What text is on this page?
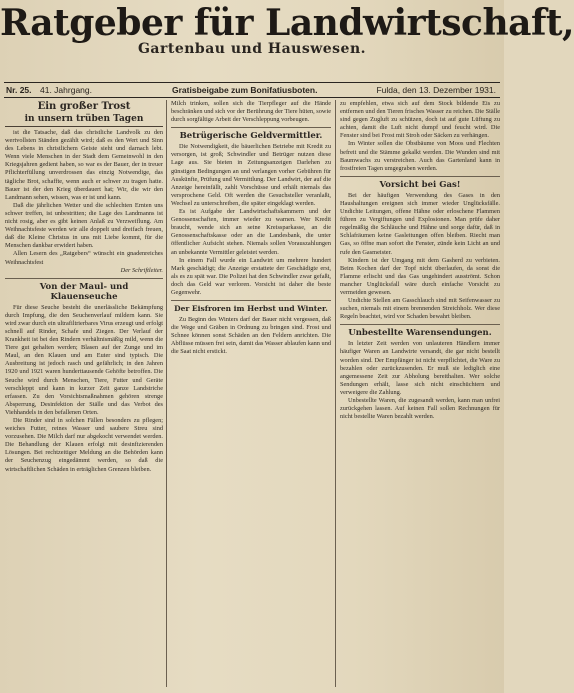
Ratgeber für Landwirtschaft,
Gartenbau und Hauswesen.
Nr. 25. 41. Jahrgang.	Gratisbeigabe zum Bonifatiusboten.	Fulda, den 13. Dezember 1931.
Ein großer Trost
in unsern trüben Tagen

ist die Tatsache, daß das christliche Landvolk zu den wertvollsten Ständen gezählt wird; daß es den Wert und Sinn des Lebens in christlichem Geiste sieht und darnach lebt. Wenn viele Menschen in der Stadt dem Gemeinwohl in den Kriegsjahren gedient haben, so war es der Bauer, der in treuer Pflichterfüllung unverdrossen das einzig Notwendige, das tägliche Brot, schaffte, wenn auch er schwer zu tragen hatte. Bauer ist der den Krieg überdauert hat; Wir, die wir den Landmann sehen, wissen, was er ist und kann.

Daß die jährlichen Wetter und die schlechten Ernten uns schwer treffen, ist unbestritten; die Lage des Landmanns ist nicht rosig, aber es gibt keinen Anlaß zu Verzweiflung. Am Weihnachtsfeste werden wir alle doppelt und dreifach freuen, daß die Kleine Christus in uns mit Liebe kommt, für die Menschen dankbar erwidert haben.

Allen Lesern des „Ratgebers“ wünscht ein gnadenreiches Weihnachtsfest

Der Schriftleiter.
Von der Maul- und Klauenseuche

Für diese Seuche besteht die unerlässliche Bekämpfung durch Impfung, die den Seuchenverlauf mildern kann. Sie wird zwar durch ein ultrafiltrierbares Virus erzeugt und erfolgt schnell auf Rinder, Schafe und Ziegen. Der Verlauf der Krankheit ist bei den Rindern verhältnismäßig mild, wenn die Tiere gut gehalten werden; Blasen auf der Zunge und im Maul, an den Klauen und am Euter sind typisch. Die Ausbreitung ist jedoch rasch und gefährlich; in den Jahren 1920 und 1921 waren hunderttausende Gehöfte betroffen. Die Seuche wird durch Menschen, Tiere, Futter und Geräte verschleppt und kann in kurzer Zeit ganze Landstriche erfassen. Zu den Vorsichtsmaßnahmen gehören strenge Absperrung, Desinfektion der Ställe und das Verbot des Viehhandels in den befallenen Orten.

Die Rinder sind in solchen Fällen besonders zu pflegen; weiches Futter, reines Wasser und saubere Streu sind vorzusehen. Die Milch darf nur abgekocht verwendet werden. Die Behandlung der Klauen erfolgt mit desinfizierenden Lösungen. Bei rechtzeitiger Meldung an die Behörden kann der Seuchenzug eingedämmt werden, so daß die wirtschaftlichen Schäden in erträglichen Grenzen bleiben.

Milch trinken, sollen sich die Tierpfleger auf die Hände beschränken und sich vor der Berührung der Tiere hüten, sowie durch sorgfältige Arbeit der Verschleppung vorbeugen.

Betrügerische Geldvermittler.

Die Notwendigkeit, die bäuerlichen Betriebe mit Kredit zu versorgen, ist groß; Schwindler und Betrüger nutzen diese Lage aus. Sie bieten in Zeitungsanzeigen Darlehen zu günstigen Bedingungen an und verlangen vorher Gebühren für Auskünfte, Prüfung und Vermittlung. Der Landwirt, der auf die Anzeige hereinfällt, zahlt Vorschüsse und erhält niemals das versprochene Geld. Oft werden die Gesuchsteller veranlaßt, Wechsel zu unterschreiben, die später eingeklagt werden.

Es ist Aufgabe der Landwirtschaftskammern und der Genossenschaften, immer wieder zu warnen. Wer Kredit braucht, wende sich an seine Kreissparkasse, an die Genossenschaftskasse oder an die Landesbank, die unter öffentlicher Aufsicht stehen. Niemals sollen Vorauszahlungen an unbekannte Vermittler geleistet werden.

In einem Fall wurde ein Landwirt um mehrere hundert Mark geschädigt; die Anzeige erstattete der Geschädigte erst, als es zu spät war. Die Polizei hat den Schwindler zwar gefaßt, doch das Geld war verloren. Vorsicht ist daher die beste Gegenwehr.

Der Eisfroren im Herbst und Winter.

Zu Beginn des Winters darf der Bauer nicht vergessen, daß die Wege und Gräben in Ordnung zu bringen sind. Frost und Schnee können sonst Schäden an den Feldern anrichten. Die Abflüsse müssen frei sein, damit das Wasser ablaufen kann und die Saat nicht erstickt.

zu empfehlen, etwa sich auf dem Stock bildende Eis zu entfernen und den Tieren frisches Wasser zu reichen. Die Ställe sind gegen Zugluft zu schützen, doch ist auf gute Lüftung zu achten, damit die Luft nicht dumpf und feucht wird. Die Fenster sind bei Frost mit Stroh oder Säcken zu verhängen.

Im Winter sollen die Obstbäume von Moos und Flechten befreit und die Stämme gekalkt werden. Die Wunden sind mit Baumwachs zu verstreichen. Auch das Gartenland kann in frostfreien Tagen umgegraben werden.

Vorsicht bei Gas!

Bei der häufigen Verwendung des Gases in den Haushaltungen ereignen sich immer wieder Unglücksfälle. Undichte Leitungen, offene Hähne oder erloschene Flammen führen zu Vergiftungen und Explosionen. Man prüfe daher regelmäßig die Schläuche und Hähne und sorge dafür, daß in Schlafräumen keine Gasleitungen offen bleiben. Riecht man Gas, so öffne man sofort die Fenster, zünde kein Licht an und rufe den Gasmeister.

Kindern ist der Umgang mit dem Gasherd zu verbieten. Beim Kochen darf der Topf nicht überlaufen, da sonst die Flamme erlischt und das Gas ungehindert ausströmt. Schon mancher Unglücksfall wäre durch einfache Vorsicht zu vermeiden gewesen.

Undichte Stellen am Gasschlauch sind mit Seifenwasser zu suchen, niemals mit einem brennenden Streichholz. Wer diese Regeln beachtet, wird vor Schaden bewahrt bleiben.

Unbestellte Warensendungen.

In letzter Zeit werden von unlauteren Händlern immer häufiger Waren an Landwirte versandt, die gar nicht bestellt worden sind. Der Empfänger ist nicht verpflichtet, die Ware zu bezahlen oder zurückzusenden. Er muß sie lediglich eine angemessene Zeit zur Abholung bereithalten. Wer solche Sendungen erhält, lasse sich nicht einschüchtern und verweigere die Zahlung.

Unbestellte Waren, die zugesandt werden, kann man unfrei zurückgehen lassen. Auf keinen Fall sollen Rechnungen für nicht bestellte Waren bezahlt werden.
